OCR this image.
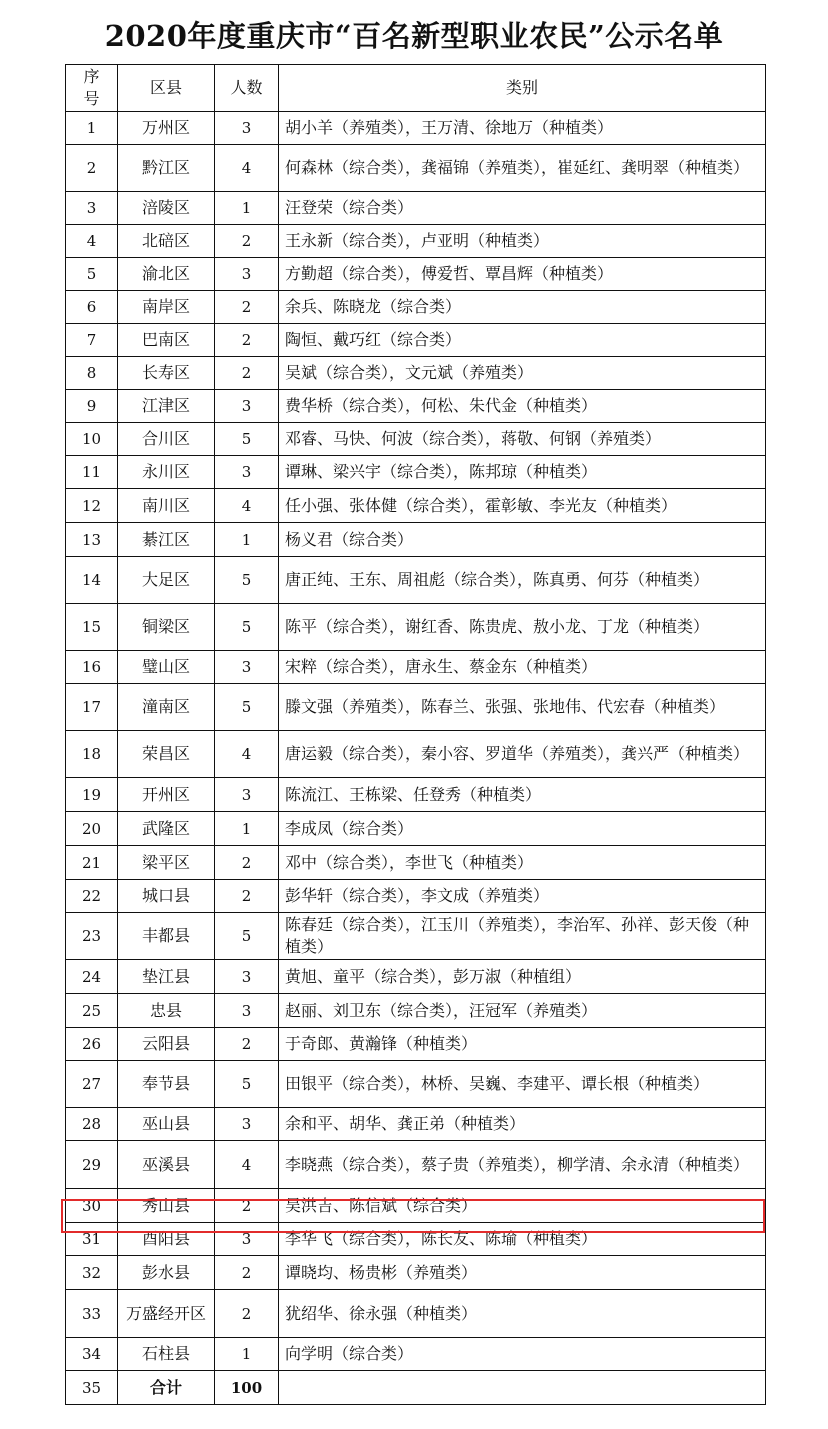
2020年度重庆市“百名新型职业农民”公示名单
序号	区县	人数	类别
1	万州区	3	胡小羊（养殖类），王万清、徐地万（种植类）
2	黔江区	4	何森林（综合类），龚福锦（养殖类），崔延红、龚明翠（种植类）
3	涪陵区	1	汪登荣（综合类）
4	北碚区	2	王永新（综合类），卢亚明（种植类）
5	渝北区	3	方勤超（综合类），傅爱哲、覃昌辉（种植类）
6	南岸区	2	余兵、陈晓龙（综合类）
7	巴南区	2	陶恒、戴巧红（综合类）
8	长寿区	2	吴斌（综合类），文元斌（养殖类）
9	江津区	3	费华桥（综合类），何松、朱代金（种植类）
10	合川区	5	邓睿、马快、何波（综合类），蒋敬、何钢（养殖类）
11	永川区	3	谭琳、梁兴宇（综合类），陈邦琼（种植类）
12	南川区	4	任小强、张体健（综合类），霍彰敏、李光友（种植类）
13	綦江区	1	杨义君（综合类）
14	大足区	5	唐正纯、王东、周祖彪（综合类），陈真勇、何芬（种植类）
15	铜梁区	5	陈平（综合类），谢红香、陈贵虎、敖小龙、丁龙（种植类）
16	璧山区	3	宋粹（综合类），唐永生、蔡金东（种植类）
17	潼南区	5	滕文强（养殖类），陈春兰、张强、张地伟、代宏春（种植类）
18	荣昌区	4	唐运毅（综合类），秦小容、罗道华（养殖类），龚兴严（种植类）
19	开州区	3	陈流江、王栋梁、任登秀（种植类）
20	武隆区	1	李成凤（综合类）
21	梁平区	2	邓中（综合类），李世飞（种植类）
22	城口县	2	彭华轩（综合类），李文成（养殖类）
23	丰都县	5	陈春廷（综合类），江玉川（养殖类），李治军、孙祥、彭天俊（种植类）
24	垫江县	3	黄旭、童平（综合类），彭万淑（种植组）
25	忠县	3	赵丽、刘卫东（综合类），汪冠军（养殖类）
26	云阳县	2	于奇郎、黄瀚锋（种植类）
27	奉节县	5	田银平（综合类），林桥、吴巍、李建平、谭长根（种植类）
28	巫山县	3	余和平、胡华、龚正弟（种植类）
29	巫溪县	4	李晓燕（综合类），蔡子贵（养殖类），柳学清、余永清（种植类）
30	秀山县	2	吴洪吉、陈信斌（综合类）
31	酉阳县	3	李华飞（综合类），陈长友、陈瑜（种植类）
32	彭水县	2	谭晓均、杨贵彬（养殖类）
33	万盛经开区	2	犹绍华、徐永强（种植类）
34	石柱县	1	向学明（综合类）
35	合计	100	
